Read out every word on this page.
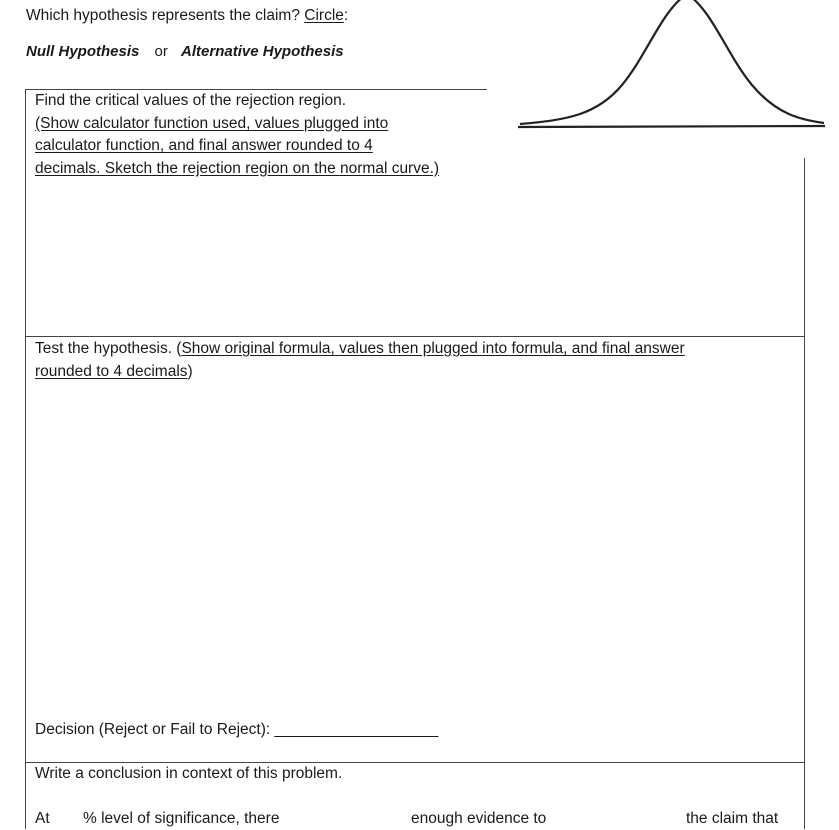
Which hypothesis represents the claim? Circle:
Null Hypothesis or Alternative Hypothesis
Find the critical values of the rejection region.
(Show calculator function used, values plugged into
calculator function, and final answer rounded to 4
decimals. Sketch the rejection region on the normal curve.)
Test the hypothesis. (Show original formula, values then plugged into formula, and final answer
rounded to 4 decimals)
Decision (Reject or Fail to Reject): ___________________
Write a conclusion in context of this problem.
At % level of significance, there	enough evidence to	the claim that
